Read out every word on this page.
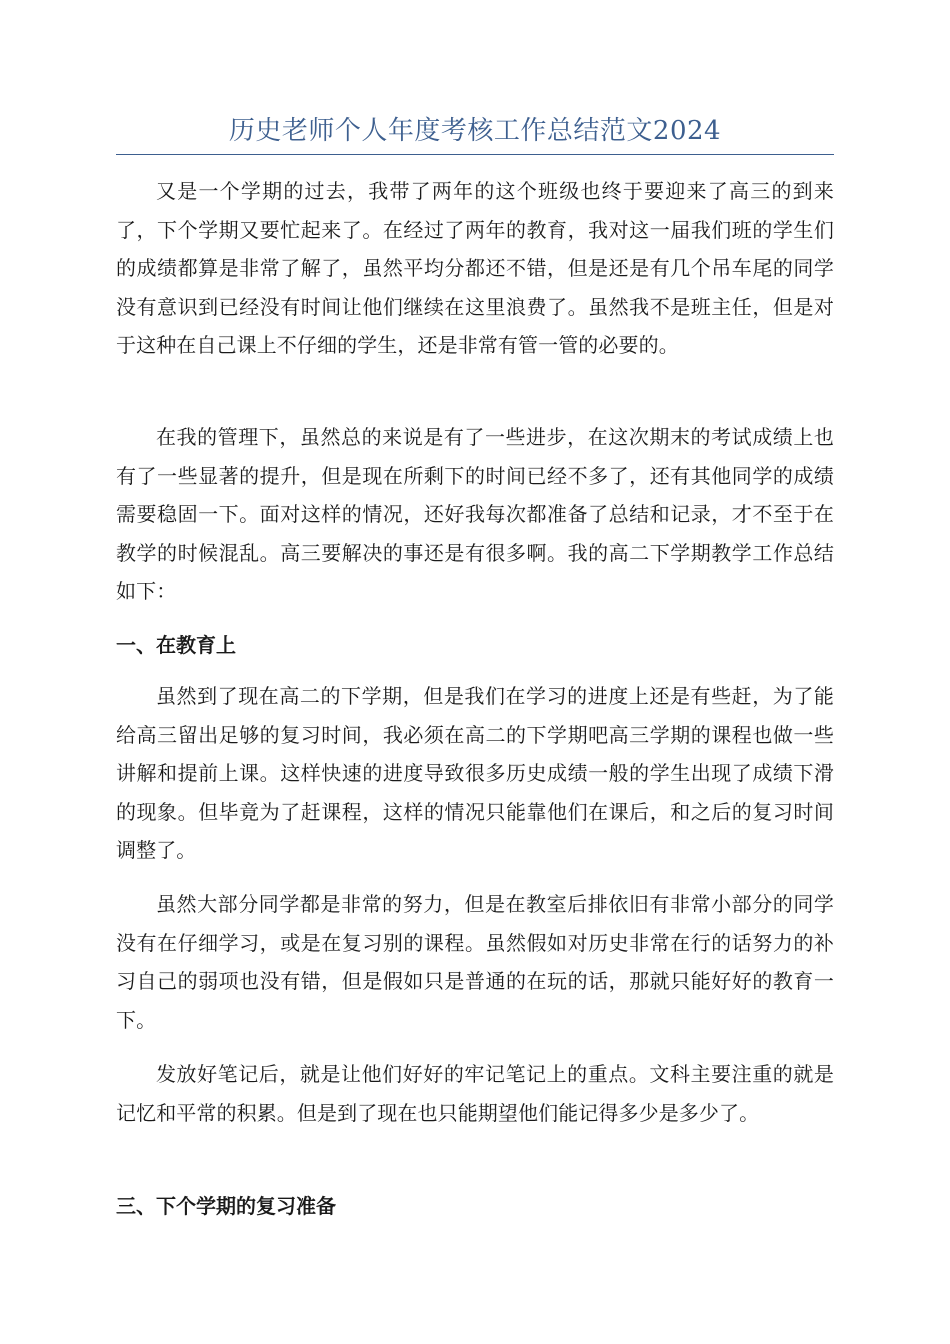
历史老师个人年度考核工作总结范文2024

又是一个学期的过去，我带了两年的这个班级也终于要迎来了高三的到来了，下个学期又要忙起来了。在经过了两年的教育，我对这一届我们班的学生们的成绩都算是非常了解了，虽然平均分都还不错，但是还是有几个吊车尾的同学没有意识到已经没有时间让他们继续在这里浪费了。虽然我不是班主任，但是对于这种在自己课上不仔细的学生，还是非常有管一管的必要的。

在我的管理下，虽然总的来说是有了一些进步，在这次期末的考试成绩上也有了一些显著的提升，但是现在所剩下的时间已经不多了，还有其他同学的成绩需要稳固一下。面对这样的情况，还好我每次都准备了总结和记录，才不至于在教学的时候混乱。高三要解决的事还是有很多啊。我的高二下学期教学工作总结如下：

一、在教育上

虽然到了现在高二的下学期，但是我们在学习的进度上还是有些赶，为了能给高三留出足够的复习时间，我必须在高二的下学期吧高三学期的课程也做一些讲解和提前上课。这样快速的进度导致很多历史成绩一般的学生出现了成绩下滑的现象。但毕竟为了赶课程，这样的情况只能靠他们在课后，和之后的复习时间调整了。

虽然大部分同学都是非常的努力，但是在教室后排依旧有非常小部分的同学没有在仔细学习，或是在复习别的课程。虽然假如对历史非常在行的话努力的补习自己的弱项也没有错，但是假如只是普通的在玩的话，那就只能好好的教育一下。

发放好笔记后，就是让他们好好的牢记笔记上的重点。文科主要注重的就是记忆和平常的积累。但是到了现在也只能期望他们能记得多少是多少了。

三、下个学期的复习准备
